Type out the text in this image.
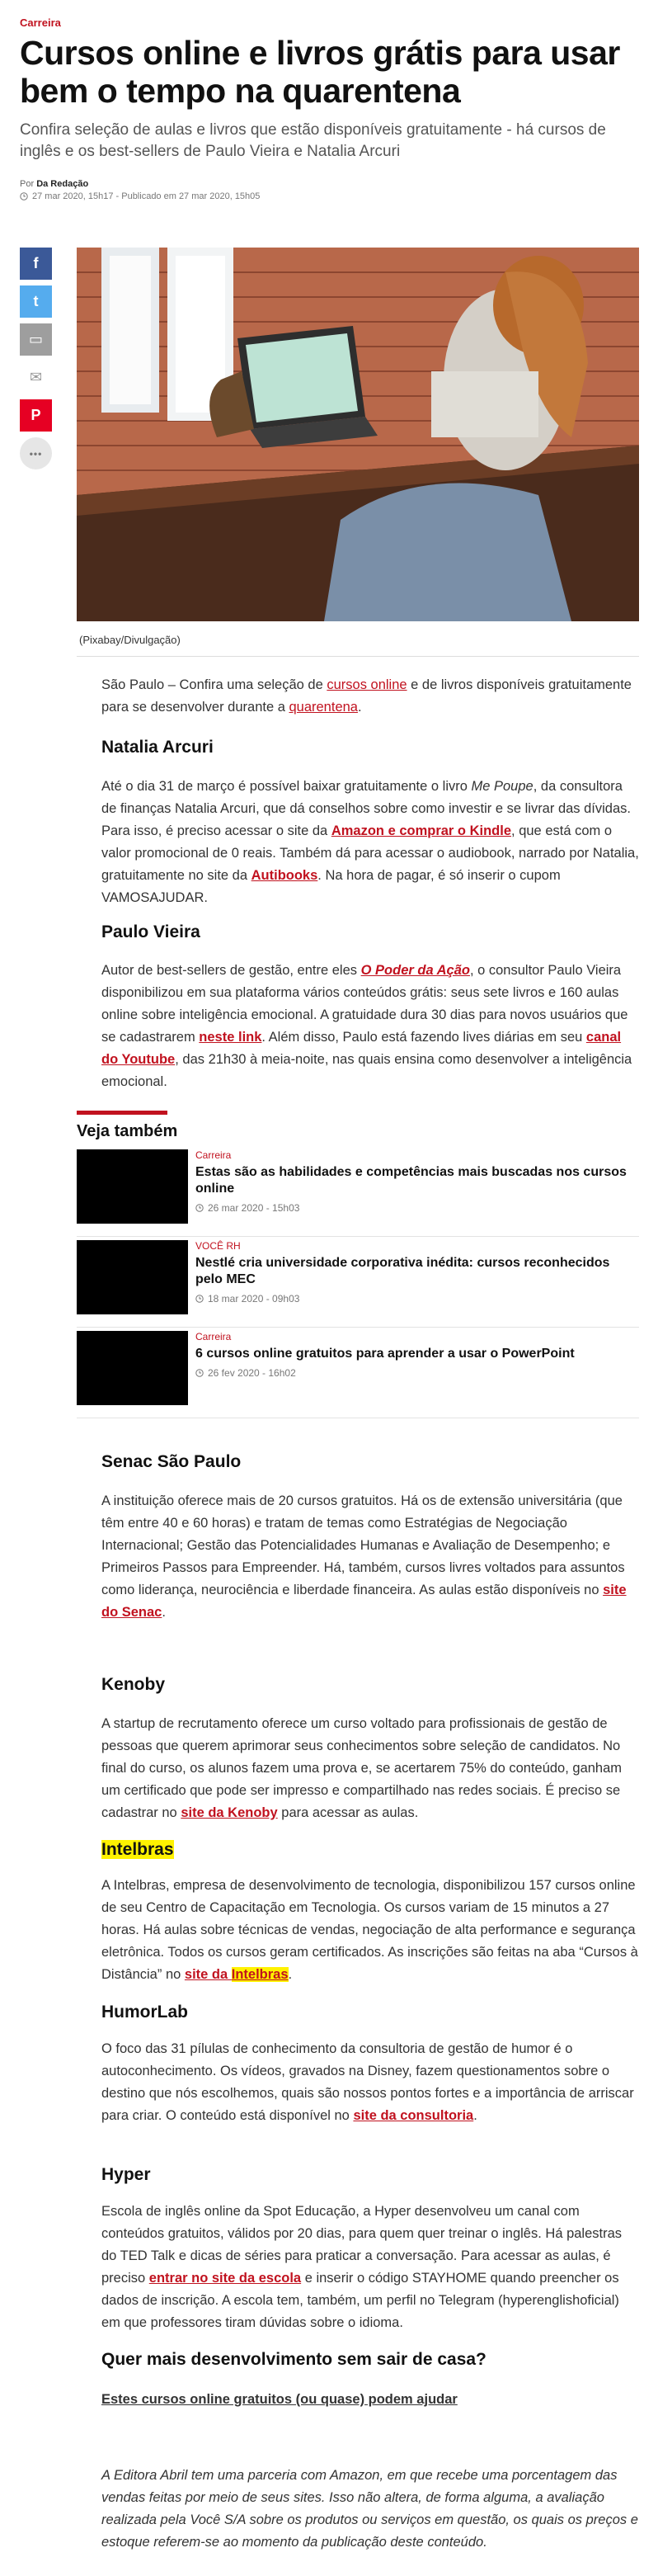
Carreira
Cursos online e livros grátis para usar bem o tempo na quarentena

Confira seleção de aulas e livros que estão disponíveis gratuitamente - há cursos de inglês e os best-sellers de Paulo Vieira e Natalia Arcuri

Por Da Redação
27 mar 2020, 15h17 - Publicado em 27 mar 2020, 15h05
f
t
▭
✉
P
•••
(Pixabay/Divulgação)

São Paulo – Confira uma seleção de cursos online e de livros disponíveis gratuitamente para se desenvolver durante a quarentena.

Natalia Arcuri

Até o dia 31 de março é possível baixar gratuitamente o livro Me Poupe, da consultora de finanças Natalia Arcuri, que dá conselhos sobre como investir e se livrar das dívidas. Para isso, é preciso acessar o site da Amazon e comprar o Kindle, que está com o valor promocional de 0 reais. Também dá para acessar o audiobook, narrado por Natalia, gratuitamente no site da Autibooks. Na hora de pagar, é só inserir o cupom VAMOSAJUDAR.

Paulo Vieira

Autor de best-sellers de gestão, entre eles O Poder da Ação, o consultor Paulo Vieira disponibilizou em sua plataforma vários conteúdos grátis: seus sete livros e 160 aulas online sobre inteligência emocional. A gratuidade dura 30 dias para novos usuários que se cadastrarem neste link. Além disso, Paulo está fazendo lives diárias em seu canal do Youtube, das 21h30 à meia-noite, nas quais ensina como desenvolver a inteligência emocional.

Veja também
Carreira
Estas são as habilidades e competências mais buscadas nos cursos online
26 mar 2020 - 15h03
VOCÊ RH
Nestlé cria universidade corporativa inédita: cursos reconhecidos pelo MEC
18 mar 2020 - 09h03
Carreira
6 cursos online gratuitos para aprender a usar o PowerPoint
26 fev 2020 - 16h02
Senac São Paulo

A instituição oferece mais de 20 cursos gratuitos. Há os de extensão universitária (que têm entre 40 e 60 horas) e tratam de temas como Estratégias de Negociação Internacional; Gestão das Potencialidades Humanas e Avaliação de Desempenho; e Primeiros Passos para Empreender. Há, também, cursos livres voltados para assuntos como liderança, neurociência e liberdade financeira. As aulas estão disponíveis no site do Senac.

Kenoby

A startup de recrutamento oferece um curso voltado para profissionais de gestão de pessoas que querem aprimorar seus conhecimentos sobre seleção de candidatos. No final do curso, os alunos fazem uma prova e, se acertarem 75% do conteúdo, ganham um certificado que pode ser impresso e compartilhado nas redes sociais. É preciso se cadastrar no site da Kenoby para acessar as aulas.

Intelbras

A Intelbras, empresa de desenvolvimento de tecnologia, disponibilizou 157 cursos online de seu Centro de Capacitação em Tecnologia. Os cursos variam de 15 minutos a 27 horas. Há aulas sobre técnicas de vendas, negociação de alta performance e segurança eletrônica. Todos os cursos geram certificados. As inscrições são feitas na aba “Cursos à Distância” no site da Intelbras.

HumorLab

O foco das 31 pílulas de conhecimento da consultoria de gestão de humor é o autoconhecimento. Os vídeos, gravados na Disney, fazem questionamentos sobre o destino que nós escolhemos, quais são nossos pontos fortes e a importância de arriscar para criar. O conteúdo está disponível no site da consultoria.

Hyper

Escola de inglês online da Spot Educação, a Hyper desenvolveu um canal com conteúdos gratuitos, válidos por 20 dias, para quem quer treinar o inglês. Há palestras do TED Talk e dicas de séries para praticar a conversação. Para acessar as aulas, é preciso entrar no site da escola e inserir o código STAYHOME quando preencher os dados de inscrição. A escola tem, também, um perfil no Telegram (hyperenglishoficial) em que professores tiram dúvidas sobre o idioma.

Quer mais desenvolvimento sem sair de casa?
Estes cursos online gratuitos (ou quase) podem ajudar

A Editora Abril tem uma parceria com Amazon, em que recebe uma porcentagem das vendas feitas por meio de seus sites. Isso não altera, de forma alguma, a avaliação realizada pela Você S/A sobre os produtos ou serviços em questão, os quais os preços e estoque referem-se ao momento da publicação deste conteúdo.
